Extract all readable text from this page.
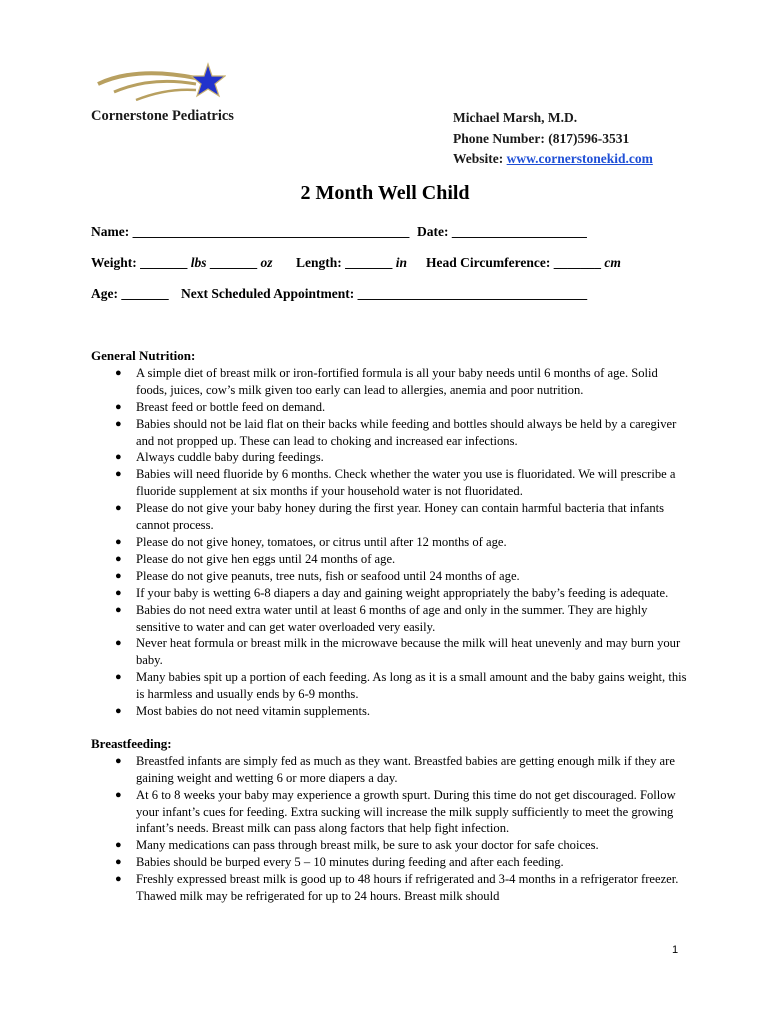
Cornerstone Pediatrics	Michael Marsh, M.D.
Phone Number: (817)596-3531
Website: www.cornerstonekid.com
2 Month Well Child
Name: _________________________________________ Date: ____________________
Weight: _______ lbs _______ oz Length: _______ in Head Circumference: _______ cm
Age: _______ Next Scheduled Appointment: __________________________________
General Nutrition:
● A simple diet of breast milk or iron-fortified formula is all your baby needs until 6 months of age. Solid foods, juices, cow’s milk given too early can lead to allergies, anemia and poor nutrition.
● Breast feed or bottle feed on demand.
● Babies should not be laid flat on their backs while feeding and bottles should always be held by a caregiver and not propped up. These can lead to choking and increased ear infections.
● Always cuddle baby during feedings.
● Babies will need fluoride by 6 months. Check whether the water you use is fluoridated. We will prescribe a fluoride supplement at six months if your household water is not fluoridated.
● Please do not give your baby honey during the first year. Honey can contain harmful bacteria that infants cannot process.
● Please do not give honey, tomatoes, or citrus until after 12 months of age.
● Please do not give hen eggs until 24 months of age.
● Please do not give peanuts, tree nuts, fish or seafood until 24 months of age.
● If your baby is wetting 6-8 diapers a day and gaining weight appropriately the baby’s feeding is adequate.
● Babies do not need extra water until at least 6 months of age and only in the summer. They are highly sensitive to water and can get water overloaded very easily.
● Never heat formula or breast milk in the microwave because the milk will heat unevenly and may burn your baby.
● Many babies spit up a portion of each feeding. As long as it is a small amount and the baby gains weight, this is harmless and usually ends by 6-9 months.
● Most babies do not need vitamin supplements.
Breastfeeding:
● Breastfed infants are simply fed as much as they want. Breastfed babies are getting enough milk if they are gaining weight and wetting 6 or more diapers a day.
● At 6 to 8 weeks your baby may experience a growth spurt. During this time do not get discouraged. Follow your infant’s cues for feeding. Extra sucking will increase the milk supply sufficiently to meet the growing infant’s needs. Breast milk can pass along factors that help fight infection.
● Many medications can pass through breast milk, be sure to ask your doctor for safe choices.
● Babies should be burped every 5 – 10 minutes during feeding and after each feeding.
● Freshly expressed breast milk is good up to 48 hours if refrigerated and 3-4 months in a refrigerator freezer. Thawed milk may be refrigerated for up to 24 hours. Breast milk should
1
